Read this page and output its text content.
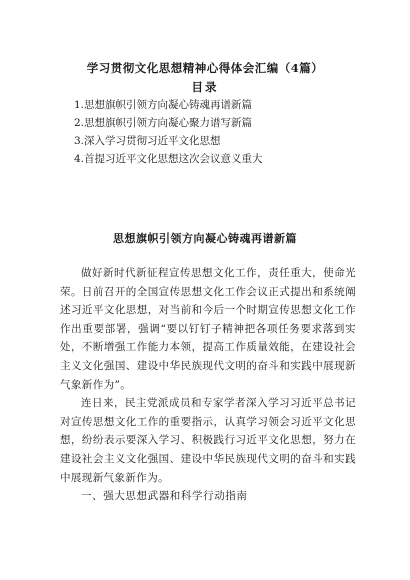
学习贯彻文化思想精神心得体会汇编（4篇）
目录
1.思想旗帜引领方向凝心铸魂再谱新篇
2.思想旗帜引领方向凝心聚力谱写新篇
3.深入学习贯彻习近平文化思想
4.首提习近平文化思想这次会议意义重大
思想旗帜引领方向凝心铸魂再谱新篇

做好新时代新征程宣传思想文化工作，责任重大，使命光荣。日前召开的全国宣传思想文化工作会议正式提出和系统阐述习近平文化思想，对当前和今后一个时期宣传思想文化工作作出重要部署，强调“要以钉钉子精神把各项任务要求落到实处，不断增强工作能力本领，提高工作质量效能，在建设社会主义文化强国、建设中华民族现代文明的奋斗和实践中展现新气象新作为”。

连日来，民主党派成员和专家学者深入学习习近平总书记对宣传思想文化工作的重要指示，认真学习领会习近平文化思想，纷纷表示要深入学习、积极践行习近平文化思想，努力在建设社会主义文化强国、建设中华民族现代文明的奋斗和实践中展现新气象新作为。

一、强大思想武器和科学行动指南
